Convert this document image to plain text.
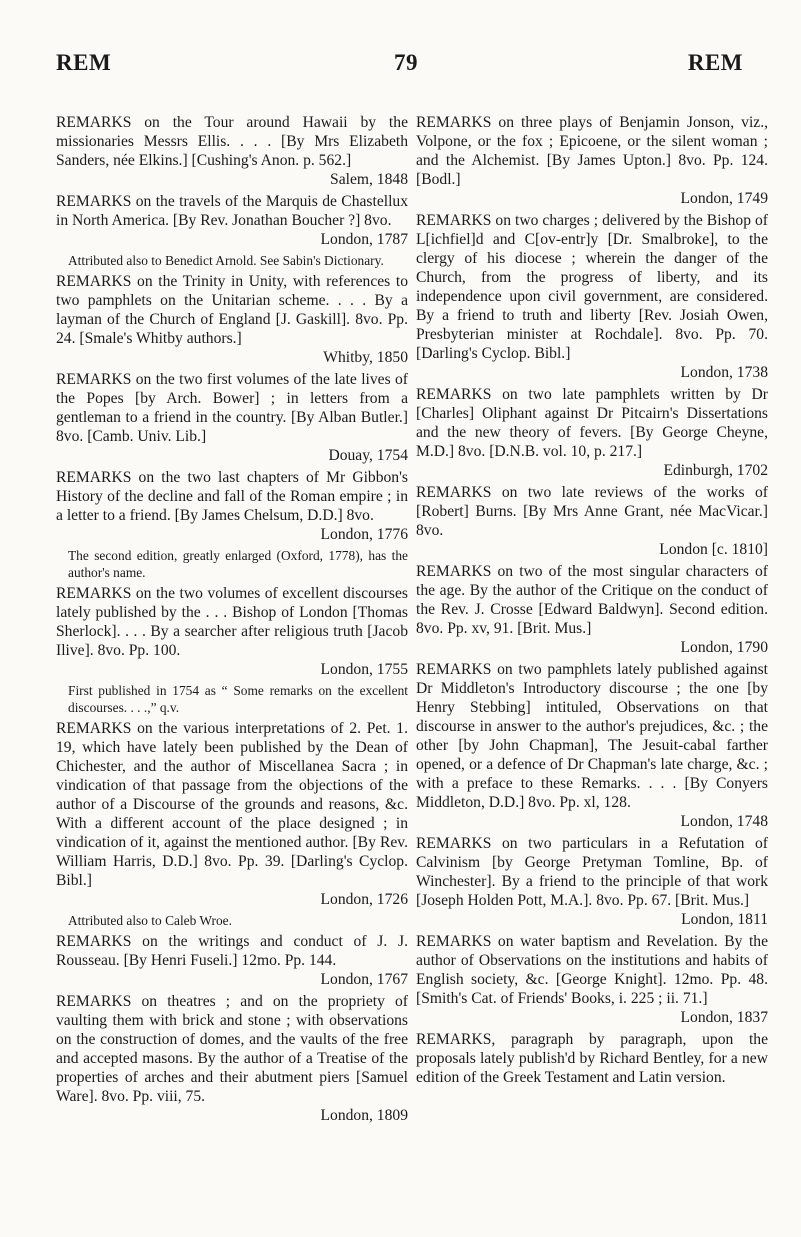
REM	79	REM

REMARKS on the Tour around Hawaii by the missionaries Messrs Ellis. . . . [By Mrs Elizabeth Sanders, née Elkins.] [Cushing's Anon. p. 562.]
Salem, 1848

REMARKS on the travels of the Marquis de Chastellux in North America. [By Rev. Jonathan Boucher ?] 8vo.
London, 1787

Attributed also to Benedict Arnold. See Sabin's Dictionary.

REMARKS on the Trinity in Unity, with references to two pamphlets on the Unitarian scheme. . . . By a layman of the Church of England [J. Gaskill]. 8vo. Pp. 24. [Smale's Whitby authors.]
Whitby, 1850

REMARKS on the two first volumes of the late lives of the Popes [by Arch. Bower] ; in letters from a gentleman to a friend in the country. [By Alban Butler.] 8vo. [Camb. Univ. Lib.]
Douay, 1754

REMARKS on the two last chapters of Mr Gibbon's History of the decline and fall of the Roman empire ; in a letter to a friend. [By James Chelsum, D.D.] 8vo.
London, 1776

The second edition, greatly enlarged (Oxford, 1778), has the author's name.

REMARKS on the two volumes of excellent discourses lately published by the . . . Bishop of London [Thomas Sherlock]. . . . By a searcher after religious truth [Jacob Ilive]. 8vo. Pp. 100.
London, 1755

First published in 1754 as “ Some remarks on the excellent discourses. . . .,” q.v.

REMARKS on the various interpretations of 2. Pet. 1. 19, which have lately been published by the Dean of Chichester, and the author of Miscellanea Sacra ; in vindication of that passage from the objections of the author of a Discourse of the grounds and reasons, &c. With a different account of the place designed ; in vindication of it, against the mentioned author. [By Rev. William Harris, D.D.] 8vo. Pp. 39. [Darling's Cyclop. Bibl.]
London, 1726

Attributed also to Caleb Wroe.

REMARKS on the writings and conduct of J. J. Rousseau. [By Henri Fuseli.] 12mo. Pp. 144.
London, 1767

REMARKS on theatres ; and on the propriety of vaulting them with brick and stone ; with observations on the construction of domes, and the vaults of the free and accepted masons. By the author of a Treatise of the properties of arches and their abutment piers [Samuel Ware]. 8vo. Pp. viii, 75.
London, 1809

REMARKS on three plays of Benjamin Jonson, viz., Volpone, or the fox ; Epicoene, or the silent woman ; and the Alchemist. [By James Upton.] 8vo. Pp. 124. [Bodl.]
London, 1749

REMARKS on two charges ; delivered by the Bishop of L[ichfiel]d and C[ov-entr]y [Dr. Smalbroke], to the clergy of his diocese ; wherein the danger of the Church, from the progress of liberty, and its independence upon civil government, are considered. By a friend to truth and liberty [Rev. Josiah Owen, Presbyterian minister at Rochdale]. 8vo. Pp. 70. [Darling's Cyclop. Bibl.]
London, 1738

REMARKS on two late pamphlets written by Dr [Charles] Oliphant against Dr Pitcairn's Dissertations and the new theory of fevers. [By George Cheyne, M.D.] 8vo. [D.N.B. vol. 10, p. 217.]
Edinburgh, 1702

REMARKS on two late reviews of the works of [Robert] Burns. [By Mrs Anne Grant, née MacVicar.] 8vo.
London [c. 1810]

REMARKS on two of the most singular characters of the age. By the author of the Critique on the conduct of the Rev. J. Crosse [Edward Baldwyn]. Second edition. 8vo. Pp. xv, 91. [Brit. Mus.]
London, 1790

REMARKS on two pamphlets lately published against Dr Middleton's Introductory discourse ; the one [by Henry Stebbing] intituled, Observations on that discourse in answer to the author's prejudices, &c. ; the other [by John Chapman], The Jesuit-cabal farther opened, or a defence of Dr Chapman's late charge, &c. ; with a preface to these Remarks. . . . [By Conyers Middleton, D.D.] 8vo. Pp. xl, 128.
London, 1748

REMARKS on two particulars in a Refutation of Calvinism [by George Pretyman Tomline, Bp. of Winchester]. By a friend to the principle of that work [Joseph Holden Pott, M.A.]. 8vo. Pp. 67. [Brit. Mus.]
London, 1811

REMARKS on water baptism and Revelation. By the author of Observations on the institutions and habits of English society, &c. [George Knight]. 12mo. Pp. 48. [Smith's Cat. of Friends' Books, i. 225 ; ii. 71.]
London, 1837

REMARKS, paragraph by paragraph, upon the proposals lately publish'd by Richard Bentley, for a new edition of the Greek Testament and Latin version.
